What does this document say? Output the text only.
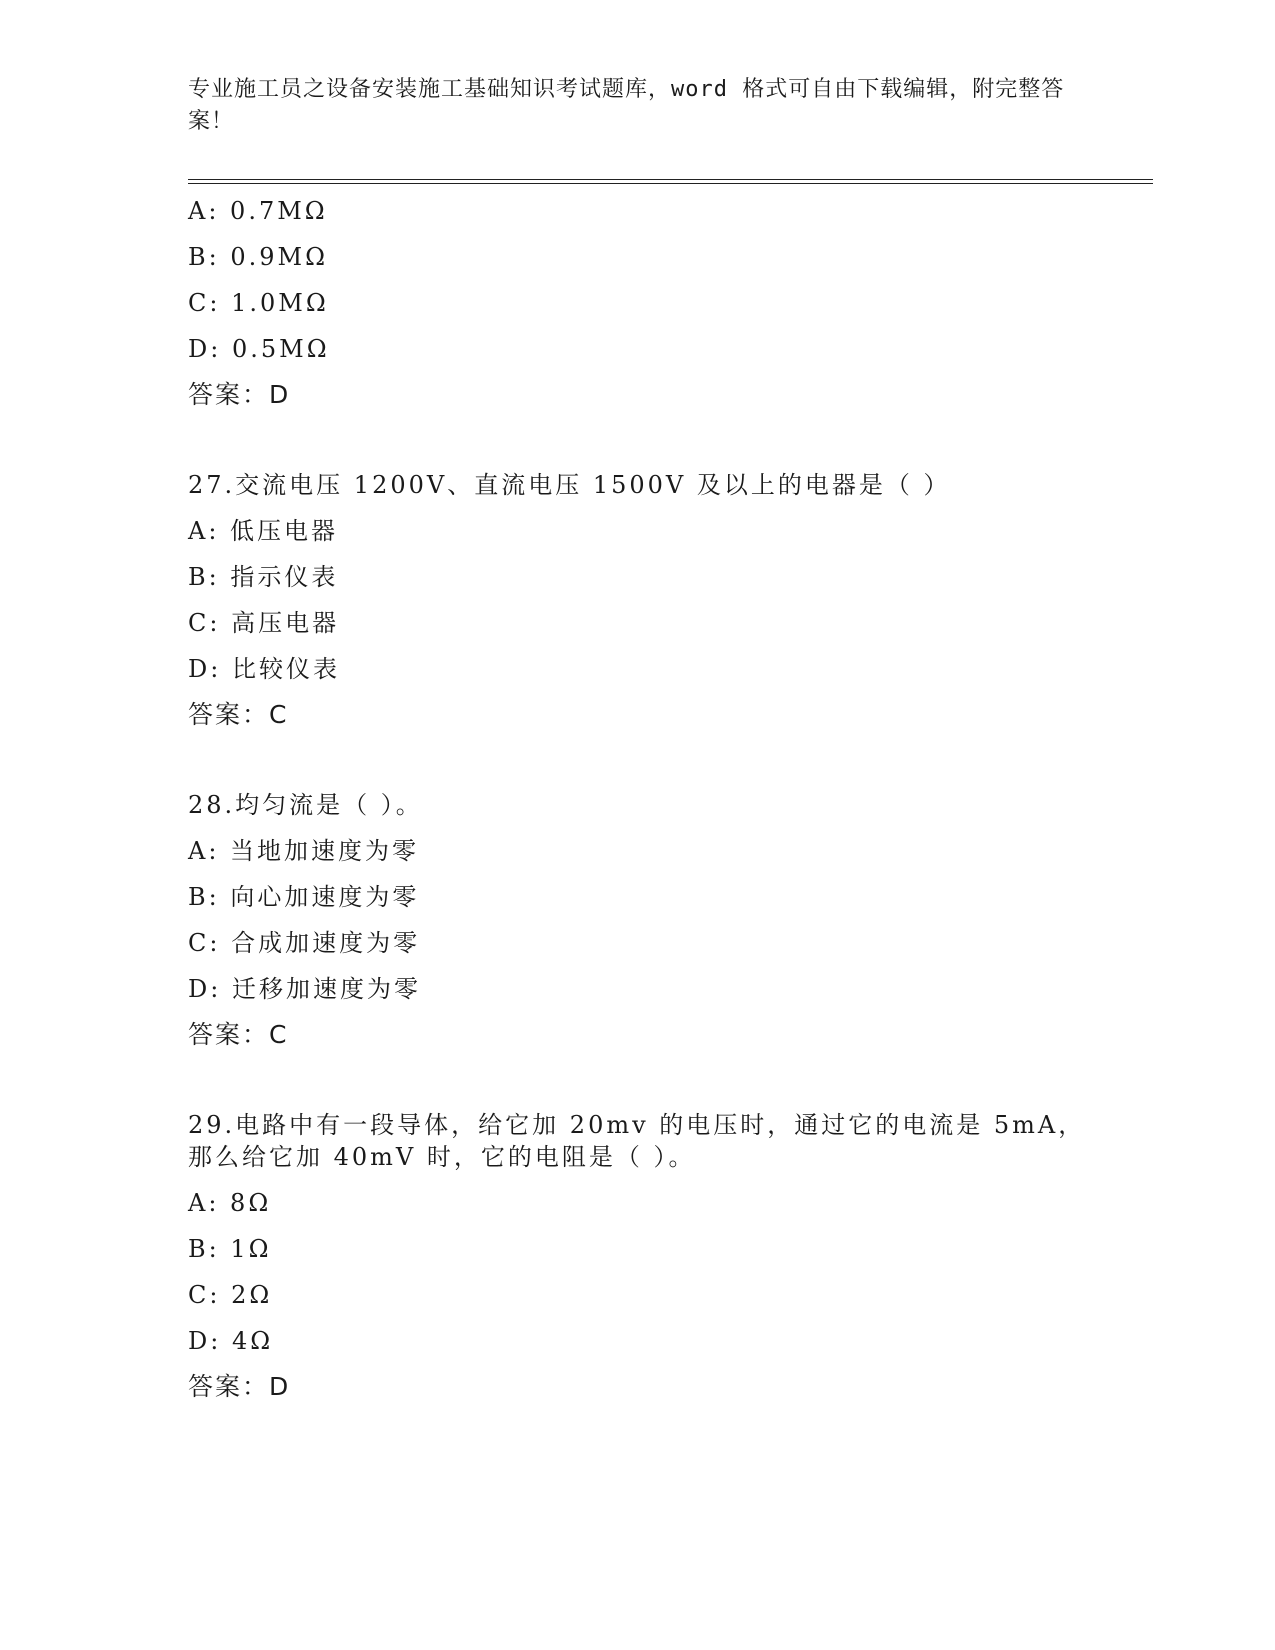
专业施工员之设备安装施工基础知识考试题库，word 格式可自由下载编辑，附完整答案！
A: 0.7MΩ
B: 0.9MΩ
C: 1.0MΩ
D: 0.5MΩ
答案：D
27.交流电压 1200V、直流电压 1500V 及以上的电器是（ ）
A: 低压电器
B: 指示仪表
C: 高压电器
D: 比较仪表
答案：C
28.均匀流是（ ）。
A: 当地加速度为零
B: 向心加速度为零
C: 合成加速度为零
D: 迁移加速度为零
答案：C
29.电路中有一段导体，给它加 20mv 的电压时，通过它的电流是 5mA，那么给它加 40mV 时，它的电阻是（ ）。
A: 8Ω
B: 1Ω
C: 2Ω
D: 4Ω
答案：D
